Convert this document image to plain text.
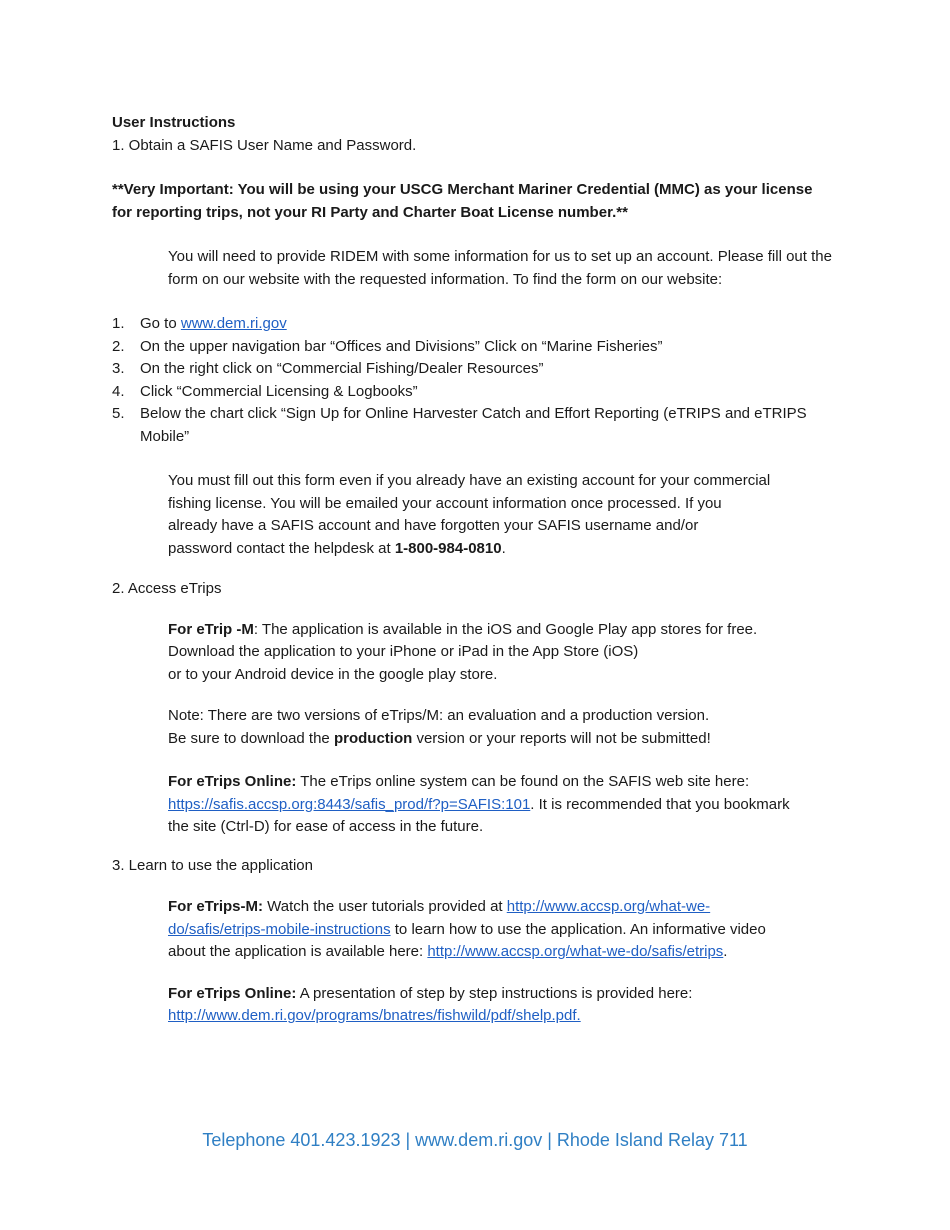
User Instructions

1. Obtain a SAFIS User Name and Password.

**Very Important: You will be using your USCG Merchant Mariner Credential (MMC) as your license for reporting trips, not your RI Party and Charter Boat License number.**

You will need to provide RIDEM with some information for us to set up an account. Please fill out the form on our website with the requested information. To find the form on our website:

1. Go to www.dem.ri.gov
2. On the upper navigation bar “Offices and Divisions” Click on “Marine Fisheries”
3. On the right click on “Commercial Fishing/Dealer Resources”
4. Click “Commercial Licensing & Logbooks”
5. Below the chart click “Sign Up for Online Harvester Catch and Effort Reporting (eTRIPS and eTRIPS Mobile”

You must fill out this form even if you already have an existing account for your commercial

fishing license. You will be emailed your account information once processed. If you

already have a SAFIS account and have forgotten your SAFIS username and/or

password contact the helpdesk at 1-800-984-0810.

2. Access eTrips

For eTrip -M: The application is available in the iOS and Google Play app stores for free.

Download the application to your iPhone or iPad in the App Store (iOS)

or to your Android device in the google play store.

Note: There are two versions of eTrips/M: an evaluation and a production version.

Be sure to download the production version or your reports will not be submitted!

For eTrips Online: The eTrips online system can be found on the SAFIS web site here:

https://safis.accsp.org:8443/safis_prod/f?p=SAFIS:101. It is recommended that you bookmark

the site (Ctrl-D) for ease of access in the future.

3. Learn to use the application

For eTrips-M: Watch the user tutorials provided at http://www.accsp.org/what-we-

do/safis/etrips-mobile-instructions to learn how to use the application. An informative video

about the application is available here: http://www.accsp.org/what-we-do/safis/etrips.

For eTrips Online: A presentation of step by step instructions is provided here:

http://www.dem.ri.gov/programs/bnatres/fishwild/pdf/shelp.pdf.

Telephone 401.423.1923 | www.dem.ri.gov | Rhode Island Relay 711
